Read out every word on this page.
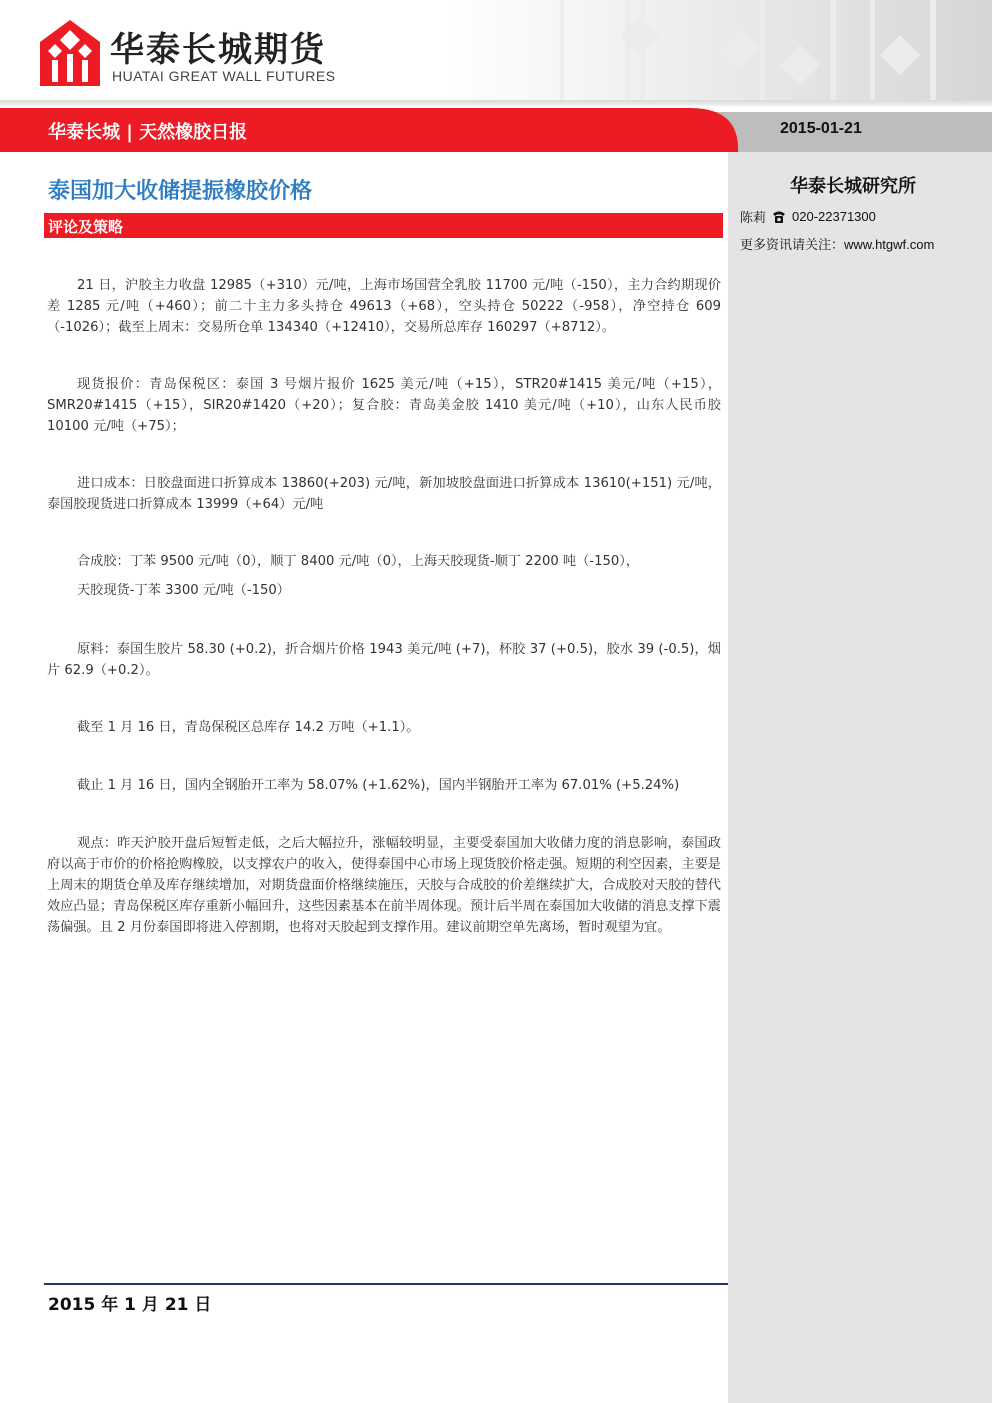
华泰长城期货
HUATAI GREAT WALL FUTURES
华泰长城 | 天然橡胶日报	2015-01-21
华泰长城研究所
陈莉 020-22371300
更多资讯请关注：www.htgwf.com
泰国加大收储提振橡胶价格
评论及策略
21 日，沪胶主力收盘 12985（+310）元/吨，上海市场国营全乳胶 11700 元/吨（-150），主力合约期现价差 1285 元/吨（+460）；前二十主力多头持仓 49613（+68），空头持仓 50222（-958），净空持仓 609（-1026）；截至上周末：交易所仓单 134340（+12410），交易所总库存 160297（+8712）。
现货报价：青岛保税区：泰国 3 号烟片报价 1625 美元/吨（+15），STR20#1415 美元/吨（+15），SMR20#1415（+15），SIR20#1420（+20）；复合胶：青岛美金胶 1410 美元/吨（+10），山东人民币胶 10100 元/吨（+75）；
进口成本：日胶盘面进口折算成本 13860(+203) 元/吨，新加坡胶盘面进口折算成本 13610(+151) 元/吨，泰国胶现货进口折算成本 13999（+64）元/吨
合成胶：丁苯 9500 元/吨（0），顺丁 8400 元/吨（0），上海天胶现货-顺丁 2200 吨（-150），
天胶现货-丁苯 3300 元/吨（-150）
原料：泰国生胶片 58.30 (+0.2)，折合烟片价格 1943 美元/吨 (+7)，杯胶 37 (+0.5)，胶水 39 (-0.5)，烟片 62.9（+0.2）。
截至 1 月 16 日，青岛保税区总库存 14.2 万吨（+1.1）。
截止 1 月 16 日，国内全钢胎开工率为 58.07% (+1.62%)，国内半钢胎开工率为 67.01% (+5.24%)
观点：昨天沪胶开盘后短暂走低，之后大幅拉升，涨幅较明显，主要受泰国加大收储力度的消息影响，泰国政府以高于市价的价格抢购橡胶，以支撑农户的收入，使得泰国中心市场上现货胶价格走强。短期的利空因素，主要是上周末的期货仓单及库存继续增加，对期货盘面价格继续施压，天胶与合成胶的价差继续扩大，合成胶对天胶的替代效应凸显；青岛保税区库存重新小幅回升，这些因素基本在前半周体现。预计后半周在泰国加大收储的消息支撑下震荡偏强。且 2 月份泰国即将进入停割期，也将对天胶起到支撑作用。建议前期空单先离场，暂时观望为宜。
2015 年 1 月 21 日
